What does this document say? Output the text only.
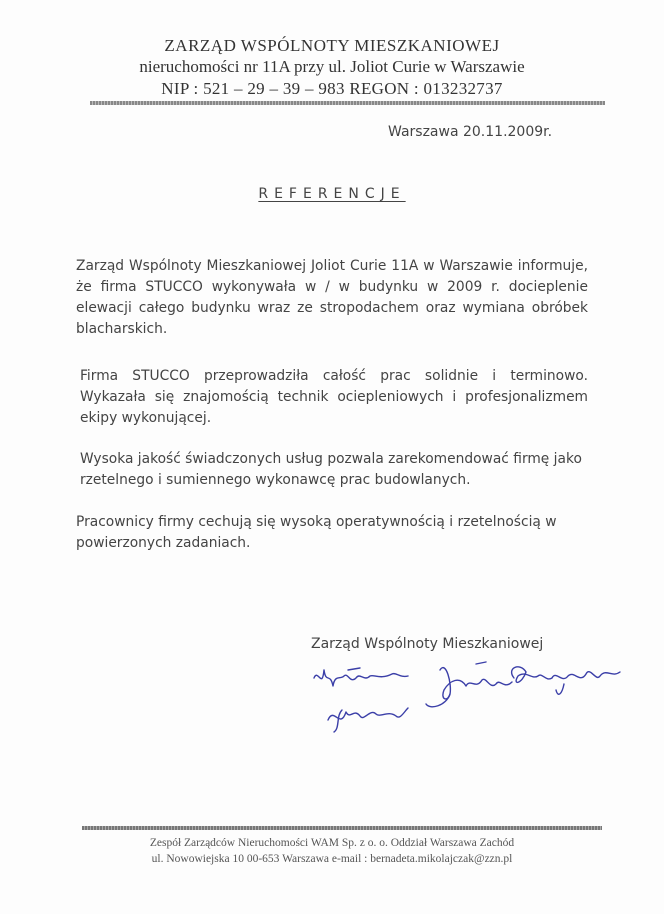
ZARZĄD WSPÓLNOTY MIESZKANIOWEJ
nieruchomości nr 11A przy ul. Joliot Curie w Warszawie
NIP : 521 – 29 – 39 – 983 REGON : 013232737
Warszawa 20.11.2009r.
REFERENCJE

Zarząd Wspólnoty Mieszkaniowej Joliot Curie 11A w Warszawie informuje, że firma STUCCO wykonywała w / w budynku w 2009 r. docieplenie elewacji całego budynku wraz ze stropodachem oraz wymiana obróbek blacharskich.

Firma STUCCO przeprowadziła całość prac solidnie i terminowo. Wykazała się znajomością technik ociepleniowych i profesjonalizmem ekipy wykonującej.

Wysoka jakość świadczonych usług pozwala zarekomendować firmę jako rzetelnego i sumiennego wykonawcę prac budowlanych.

Pracownicy firmy cechują się wysoką operatywnością i rzetelnością w powierzonych zadaniach.

Zarząd Wspólnoty Mieszkaniowej
Zespół Zarządców Nieruchomości WAM Sp. z o. o. Oddział Warszawa Zachód
ul. Nowowiejska 10 00-653 Warszawa e-mail : bernadeta.mikolajczak@zzn.pl
